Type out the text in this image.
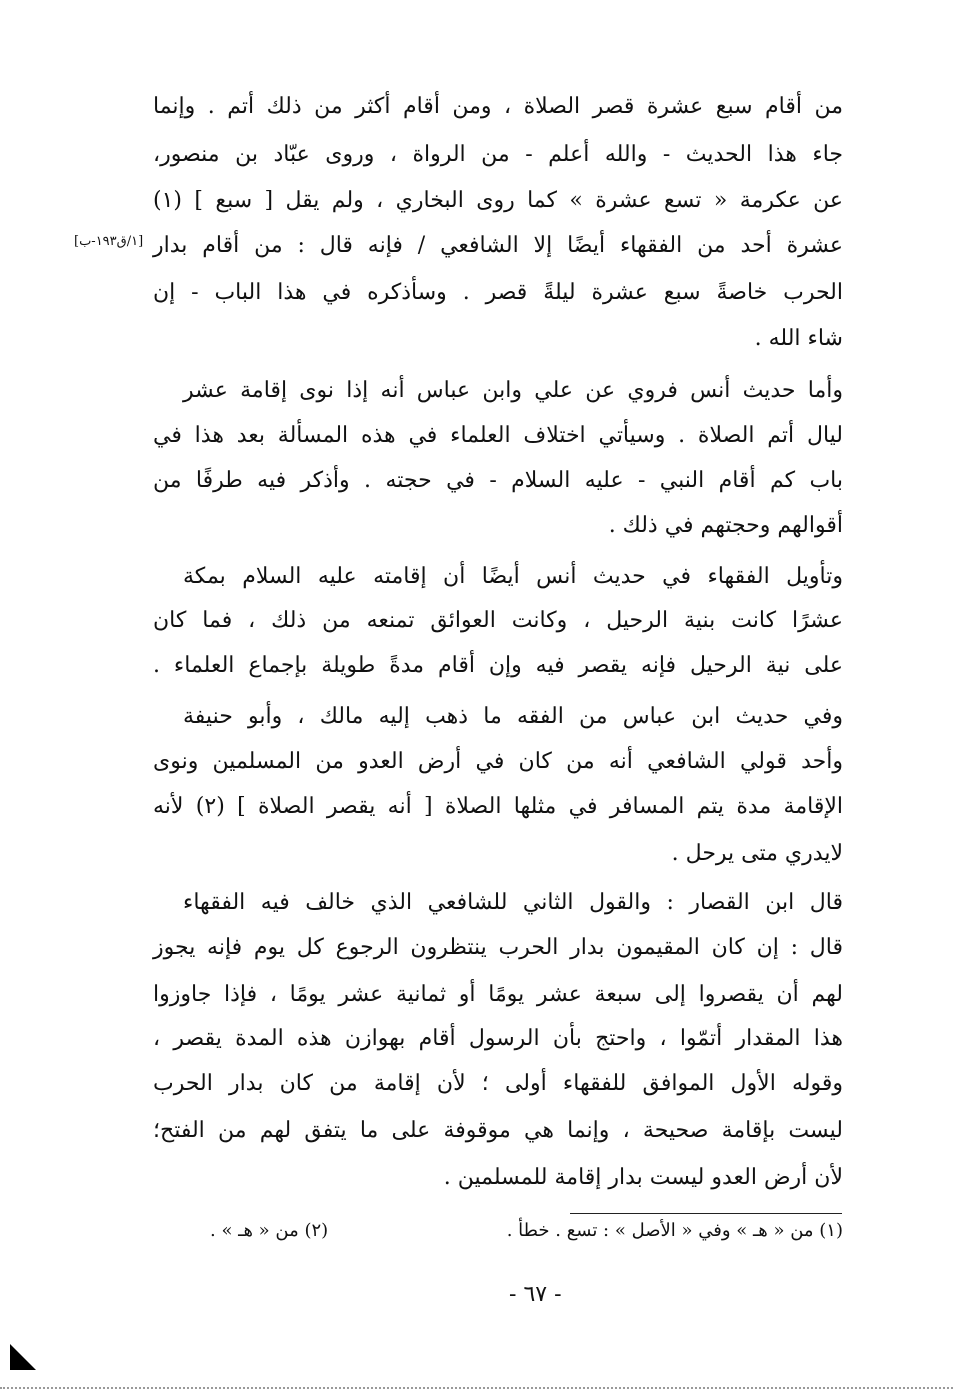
من أقام سبع عشرة قصر الصلاة ، ومن أقام أكثر من ذلك أتم . وإنما
جاء هذا الحديث - والله أعلم - من الرواة ، وروى عبّاد بن منصور،
عن عكرمة « تسع عشرة » كما روى البخاري ، ولم يقل [ سبع ] (١)
عشرة أحد من الفقهاء أيضًا إلا الشافعي / فإنه قال : من أقام بدار
الحرب خاصةً سبع عشرة ليلةً قصر . وسأذكره في هذا الباب - إن
شاء الله .
وأما حديث أنس فروي عن علي وابن عباس أنه إذا نوى إقامة عشر
ليال أتم الصلاة . وسيأتي اختلاف العلماء في هذه المسألة بعد هذا في
باب كم أقام النبي - عليه السلام - في حجته . وأذكر فيه طرفًا من
أقوالهم وحجتهم في ذلك .
وتأويل الفقهاء في حديث أنس أيضًا أن إقامته عليه السلام بمكة
عشرًا كانت بنية الرحيل ، وكانت العوائق تمنعه من ذلك ، فما كان
على نية الرحيل فإنه يقصر فيه وإن أقام مدةً طويلة بإجماع العلماء .
وفي حديث ابن عباس من الفقه ما ذهب إليه مالك ، وأبو حنيفة
وأحد قولي الشافعي أنه من كان في أرض العدو من المسلمين ونوى
الإقامة مدة يتم المسافر في مثلها الصلاة [ أنه يقصر الصلاة ] (٢) لأنه
لايدري متى يرحل .
قال ابن القصار : والقول الثاني للشافعي الذي خالف فيه الفقهاء
قال : إن كان المقيمون بدار الحرب ينتظرون الرجوع كل يوم فإنه يجوز
لهم أن يقصروا إلى سبعة عشر يومًا أو ثمانية عشر يومًا ، فإذا جاوزوا
هذا المقدار أتمّوا ، واحتج بأن الرسول أقام بهوازن هذه المدة يقصر ،
وقوله الأول الموافق للفقهاء أولى ؛ لأن إقامة من كان بدار الحرب
ليست بإقامة صحيحة ، وإنما هي موقوفة على ما يتفق لهم من الفتح؛
لأن أرض العدو ليست بدار إقامة للمسلمين .
[١/ق١٩٣-ب]
(١) من « هـ » وفي « الأصل » : تسع . خطأ .
(٢) من « هـ » .
- ٦٧ -
